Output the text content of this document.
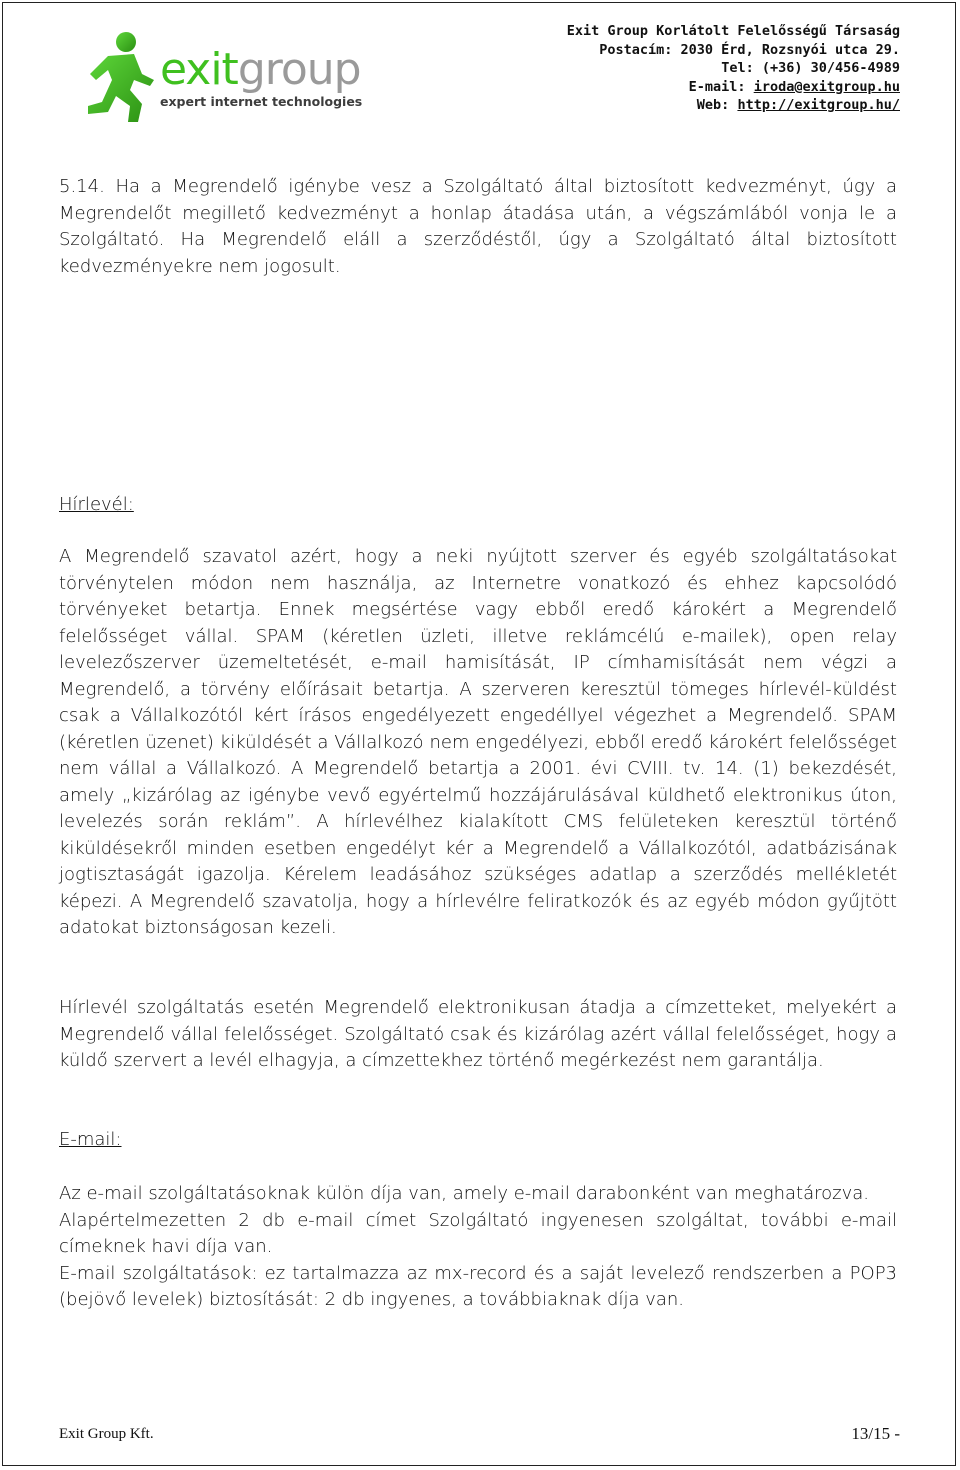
exitgroup
expert internet technologies
Exit Group Korlátolt Felelősségű Társaság
Postacím: 2030 Érd, Rozsnyói utca 29.
Tel: (+36) 30/456-4989
E-mail: iroda@exitgroup.hu
Web: http://exitgroup.hu/

5.14. Ha a Megrendelő igénybe vesz a Szolgáltató által biztosított kedvezményt, úgy a Megrendelőt megillető kedvezményt a honlap átadása után, a végszámlából vonja le a Szolgáltató. Ha Megrendelő eláll a szerződéstől, úgy a Szolgáltató által biztosított kedvezményekre nem jogosult.

Hírlevél:

A Megrendelő szavatol azért, hogy a neki nyújtott szerver és egyéb szolgáltatásokat törvénytelen módon nem használja, az Internetre vonatkozó és ehhez kapcsolódó törvényeket betartja. Ennek megsértése vagy ebből eredő károkért a Megrendelő felelősséget vállal. SPAM (kéretlen üzleti, illetve reklámcélú e-mailek), open relay levelezőszerver üzemeltetését, e-mail hamisítását, IP címhamisítását nem végzi a Megrendelő, a törvény előírásait betartja. A szerveren keresztül tömeges hírlevél-küldést csak a Vállalkozótól kért írásos engedélyezett engedéllyel végezhet a Megrendelő. SPAM (kéretlen üzenet) kiküldését a Vállalkozó nem engedélyezi, ebből eredő károkért felelősséget nem vállal a Vállalkozó. A Megrendelő betartja a 2001. évi CVIII. tv. 14. (1) bekezdését, amely „kizárólag az igénybe vevő egyértelmű hozzájárulásával küldhető elektronikus úton, levelezés során reklám”. A hírlevélhez kialakított CMS felületeken keresztül történő kiküldésekről minden esetben engedélyt kér a Megrendelő a Vállalkozótól, adatbázisának jogtisztaságát igazolja. Kérelem leadásához szükséges adatlap a szerződés mellékletét képezi. A Megrendelő szavatolja, hogy a hírlevélre feliratkozók és az egyéb módon gyűjtött adatokat biztonságosan kezeli.

Hírlevél szolgáltatás esetén Megrendelő elektronikusan átadja a címzetteket, melyekért a Megrendelő vállal felelősséget. Szolgáltató csak és kizárólag azért vállal felelősséget, hogy a küldő szervert a levél elhagyja, a címzettekhez történő megérkezést nem garantálja.

E-mail:

Az e-mail szolgáltatásoknak külön díja van, amely e-mail darabonként van meghatározva.

Alapértelmezetten 2 db e-mail címet Szolgáltató ingyenesen szolgáltat, további e-mail címeknek havi díja van.

E-mail szolgáltatások: ez tartalmazza az mx-record és a saját levelező rendszerben a POP3 (bejövő levelek) biztosítását: 2 db ingyenes, a továbbiaknak díja van.

Exit Group Kft.	13/15 -
